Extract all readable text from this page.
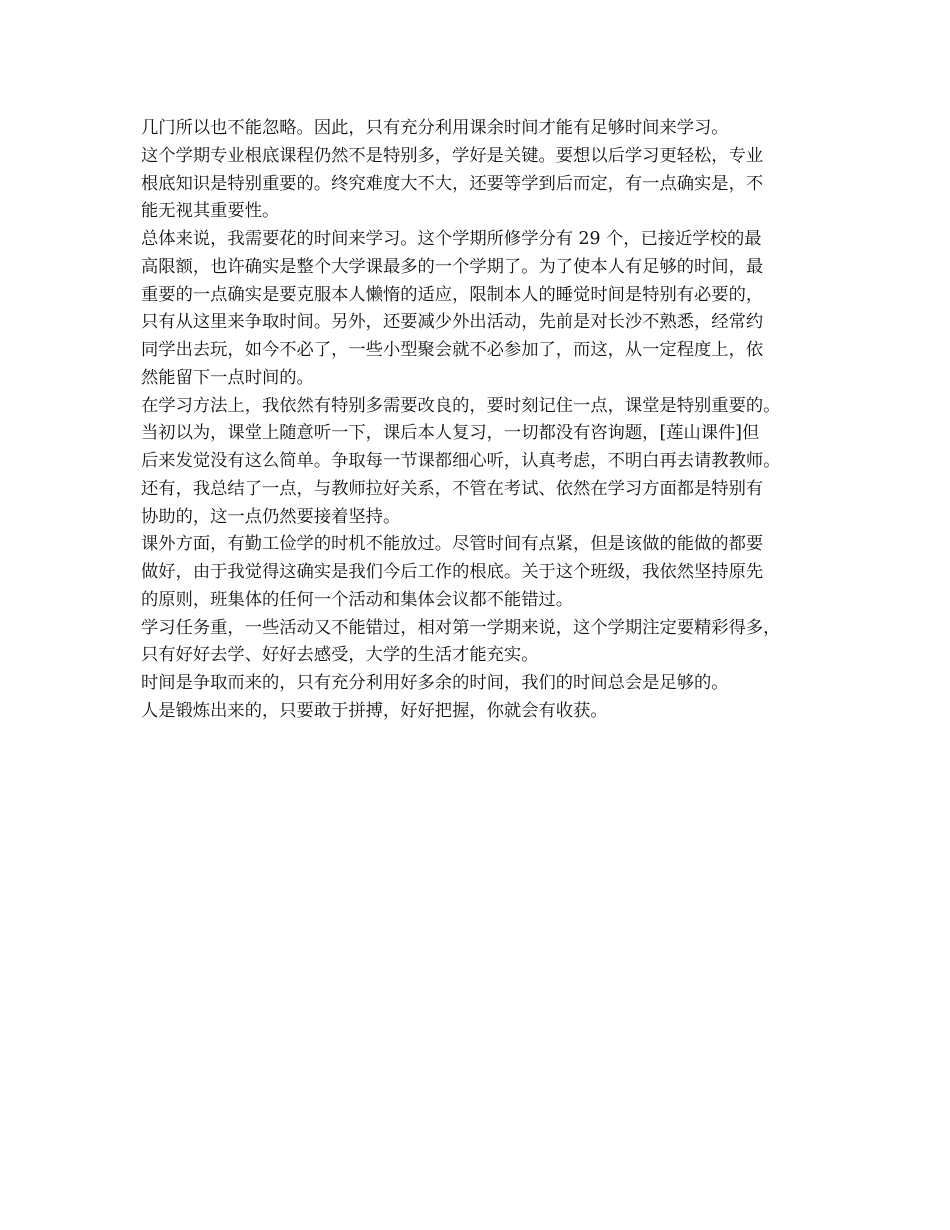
几门所以也不能忽略。因此，只有充分利用课余时间才能有足够时间来学习。
这个学期专业根底课程仍然不是特别多，学好是关键。要想以后学习更轻松，专业
根底知识是特别重要的。终究难度大不大，还要等学到后而定，有一点确实是，不
能无视其重要性。
总体来说，我需要花的时间来学习。这个学期所修学分有 29 个，已接近学校的最
高限额，也许确实是整个大学课最多的一个学期了。为了使本人有足够的时间，最
重要的一点确实是要克服本人懒惰的适应，限制本人的睡觉时间是特别有必要的，
只有从这里来争取时间。另外，还要减少外出活动，先前是对长沙不熟悉，经常约
同学出去玩，如今不必了，一些小型聚会就不必参加了，而这，从一定程度上，依
然能留下一点时间的。
在学习方法上，我依然有特别多需要改良的，要时刻记住一点，课堂是特别重要的。
当初以为，课堂上随意听一下，课后本人复习，一切都没有咨询题，[莲山课件]但
后来发觉没有这么简单。争取每一节课都细心听，认真考虑，不明白再去请教教师。
还有，我总结了一点，与教师拉好关系，不管在考试、依然在学习方面都是特别有
协助的，这一点仍然要接着坚持。
课外方面，有勤工俭学的时机不能放过。尽管时间有点紧，但是该做的能做的都要
做好，由于我觉得这确实是我们今后工作的根底。关于这个班级，我依然坚持原先
的原则，班集体的任何一个活动和集体会议都不能错过。
学习任务重，一些活动又不能错过，相对第一学期来说，这个学期注定要精彩得多，
只有好好去学、好好去感受，大学的生活才能充实。
时间是争取而来的，只有充分利用好多余的时间，我们的时间总会是足够的。
人是锻炼出来的，只要敢于拼搏，好好把握，你就会有收获。
